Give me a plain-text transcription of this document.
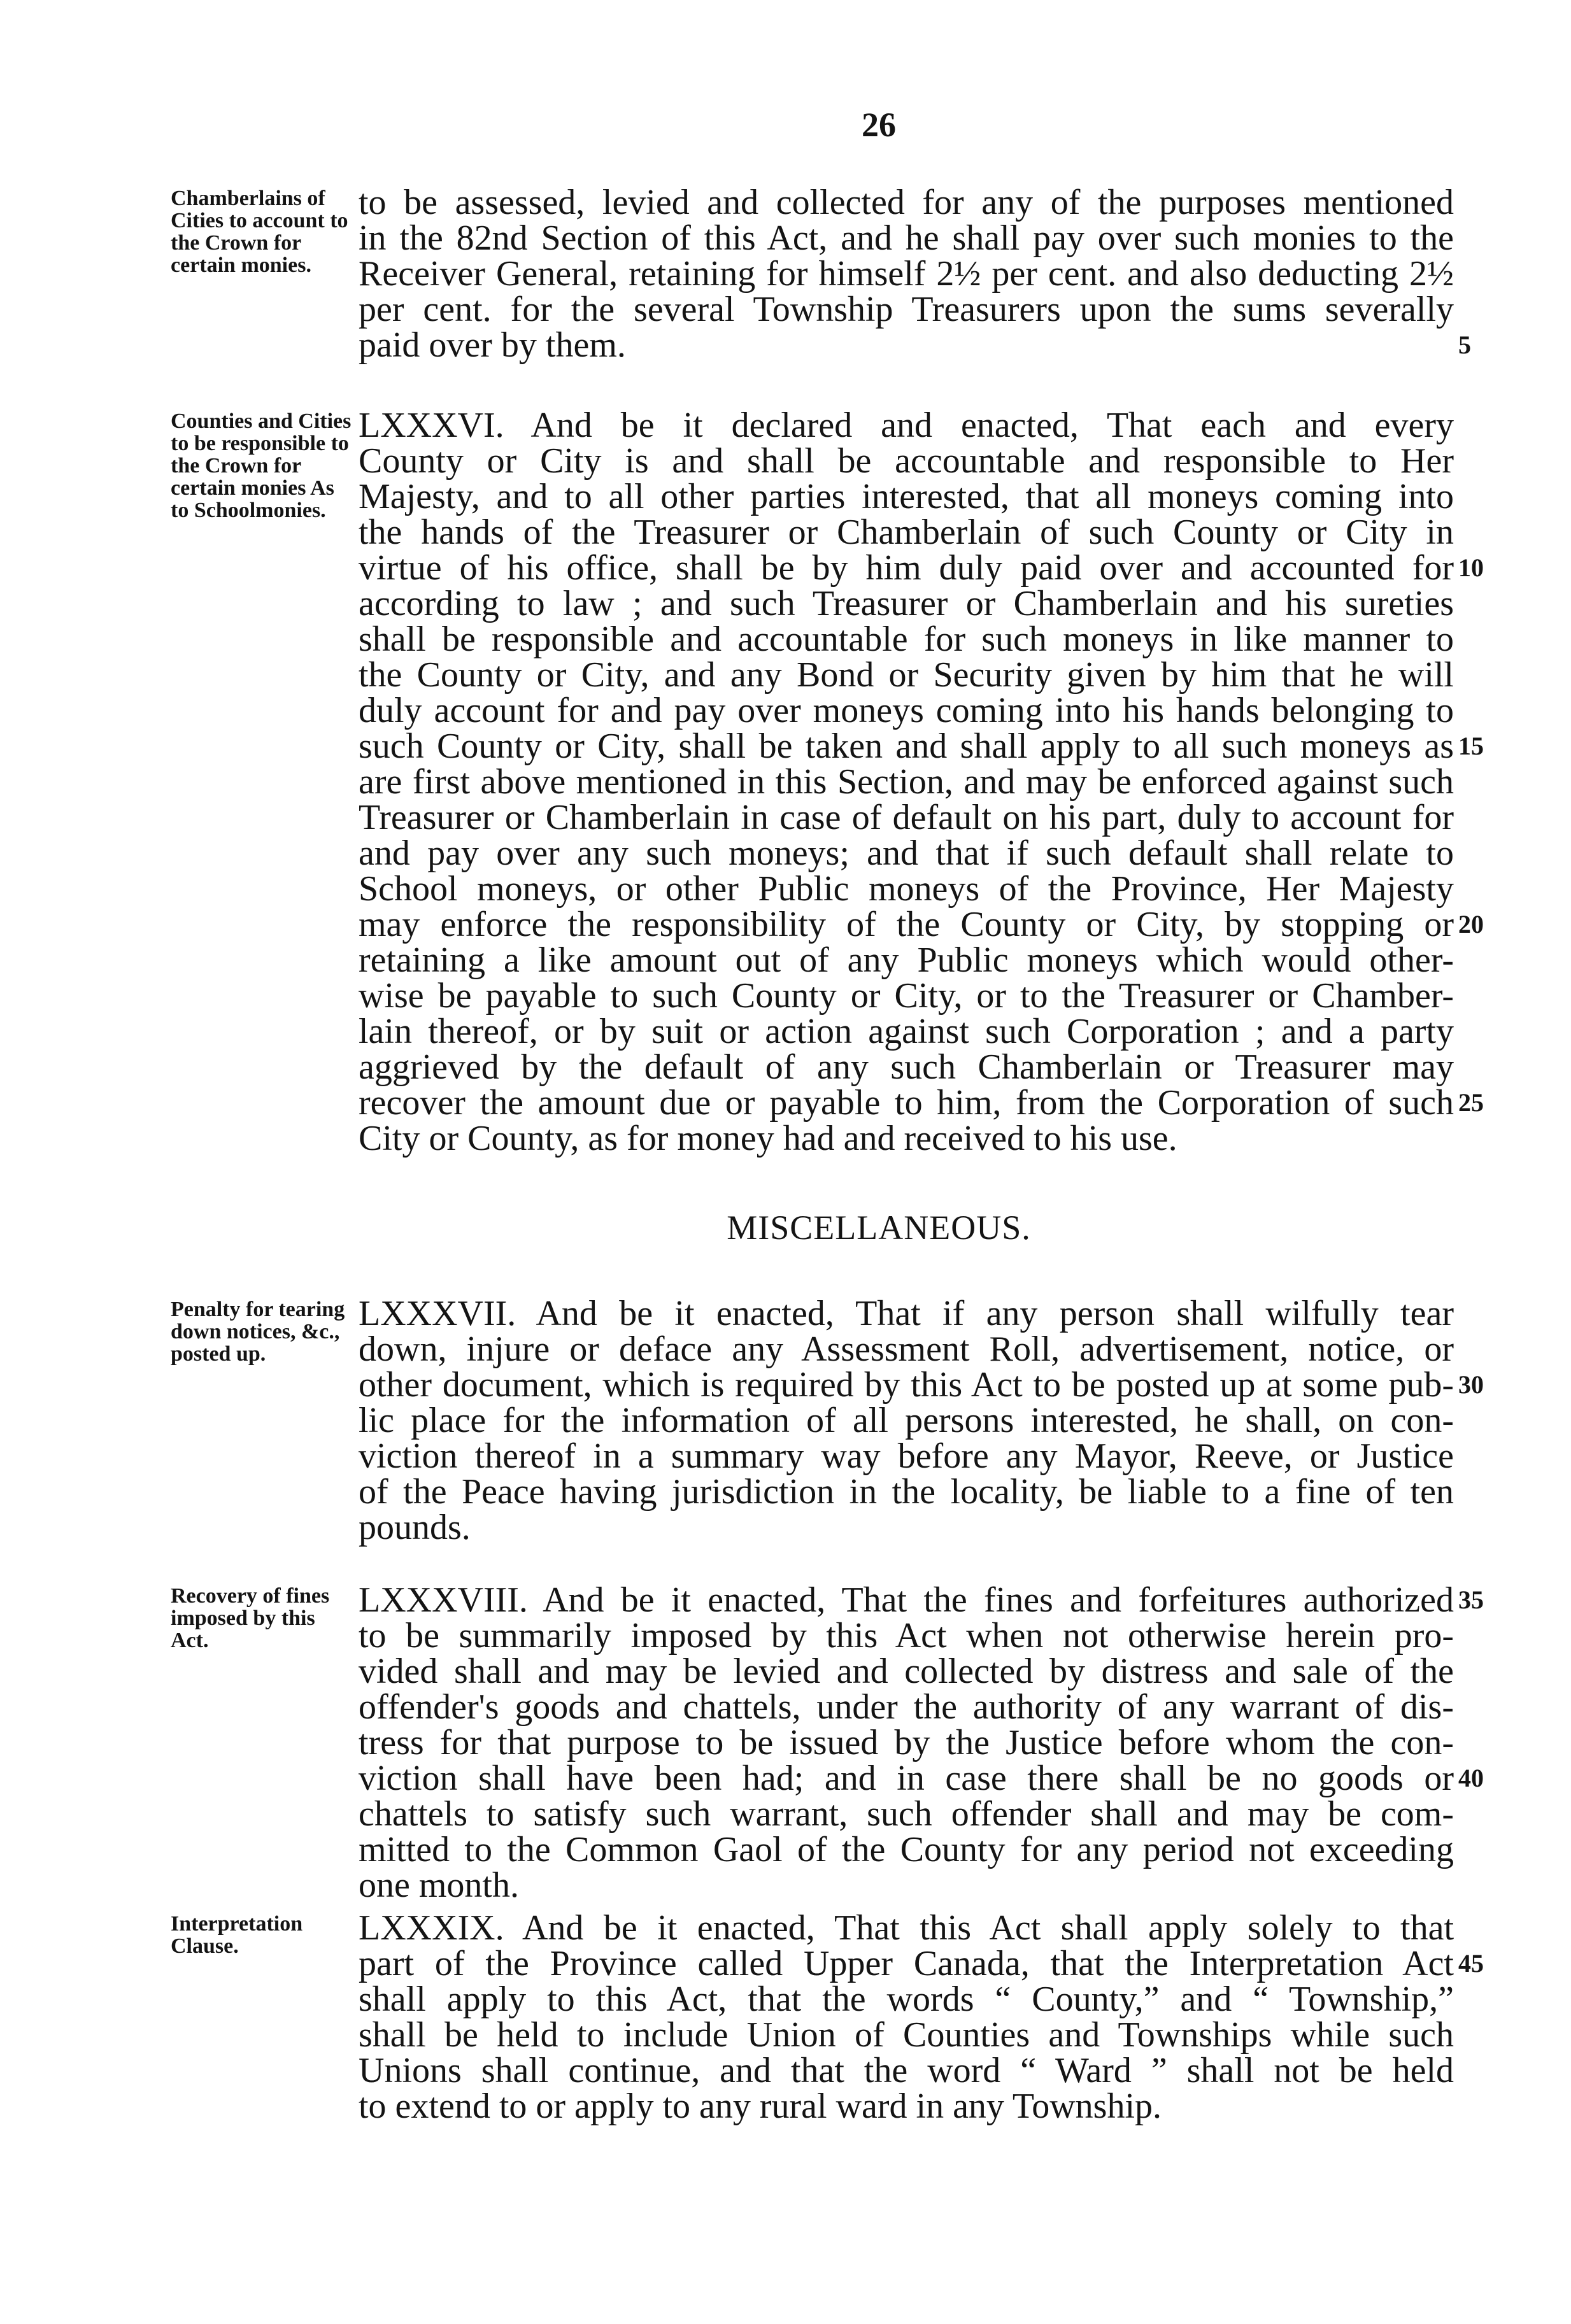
26
MISCELLANEOUS.
Chamberlains of Cities to account to the Crown for certain monies.
to be assessed, levied and collected for any of the purposes mentioned
in the 82nd Section of this Act, and he shall pay over such monies to the
Receiver General, retaining for himself 2½ per cent. and also deducting 2½
per cent. for the several Township Treasurers upon the sums severally
paid over by them.	5
Counties and Cities to be responsible to the Crown for certain monies As to Schoolmonies.
LXXXVI. And be it declared and enacted, That each and every
County or City is and shall be accountable and responsible to Her
Majesty, and to all other parties interested, that all moneys coming into
the hands of the Treasurer or Chamberlain of such County or City in
virtue of his office, shall be by him duly paid over and accounted for 10
according to law ; and such Treasurer or Chamberlain and his sureties
shall be responsible and accountable for such moneys in like manner to
the County or City, and any Bond or Security given by him that he will
duly account for and pay over moneys coming into his hands belonging to
such County or City, shall be taken and shall apply to all such moneys as 15
are first above mentioned in this Section, and may be enforced against such
Treasurer or Chamberlain in case of default on his part, duly to account for
and pay over any such moneys; and that if such default shall relate to
School moneys, or other Public moneys of the Province, Her Majesty
may enforce the responsibility of the County or City, by stopping or 20
retaining a like amount out of any Public moneys which would other-
wise be payable to such County or City, or to the Treasurer or Chamber-
lain thereof, or by suit or action against such Corporation ; and a party
aggrieved by the default of any such Chamberlain or Treasurer may
recover the amount due or payable to him, from the Corporation of such 25
City or County, as for money had and received to his use.
Penalty for tearing down notices, &c., posted up.
LXXXVII. And be it enacted, That if any person shall wilfully tear
down, injure or deface any Assessment Roll, advertisement, notice, or
other document, which is required by this Act to be posted up at some pub- 30
lic place for the information of all persons interested, he shall, on con-
viction thereof in a summary way before any Mayor, Reeve, or Justice
of the Peace having jurisdiction in the locality, be liable to a fine of ten
pounds.
Recovery of fines imposed by this Act.
LXXXVIII. And be it enacted, That the fines and forfeitures authorized 35
to be summarily imposed by this Act when not otherwise herein pro-
vided shall and may be levied and collected by distress and sale of the
offender's goods and chattels, under the authority of any warrant of dis-
tress for that purpose to be issued by the Justice before whom the con-
viction shall have been had; and in case there shall be no goods or 40
chattels to satisfy such warrant, such offender shall and may be com-
mitted to the Common Gaol of the County for any period not exceeding
one month.
Interpretation Clause.	LXXXIX. And be it enacted, That this Act shall apply solely to that
part of the Province called Upper Canada, that the Interpretation Act 45
shall apply to this Act, that the words “ County,” and “ Township,”
shall be held to include Union of Counties and Townships while such
Unions shall continue, and that the word “ Ward ” shall not be held
to extend to or apply to any rural ward in any Township.
